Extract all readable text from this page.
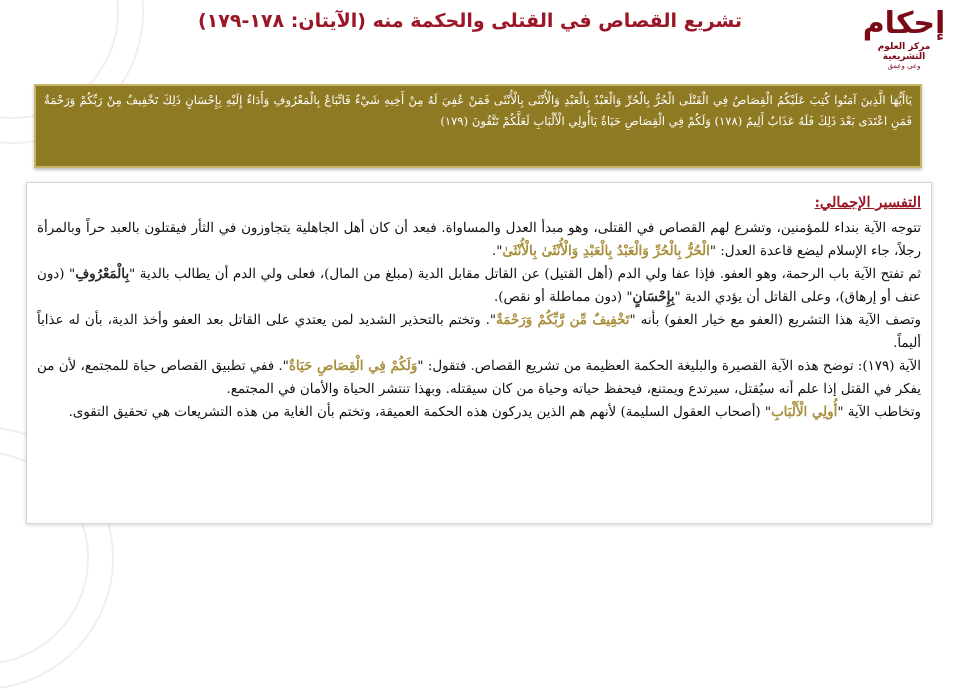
إحكام
مركز العلوم التشريعية
وعي وعمق
تشريع القصاص في القتلى والحكمة منه (الآيتان: ١٧٨-١٧٩)
يَاأَيُّهَا الَّذِينَ آمَنُوا كُتِبَ عَلَيْكُمُ الْقِصَاصُ فِي الْقَتْلَى الْحُرُّ بِالْحُرِّ وَالْعَبْدُ بِالْعَبْدِ وَالْأُنْثَى بِالْأُنْثَى فَمَنْ عُفِيَ لَهُ مِنْ أَخِيهِ شَيْءٌ فَاتِّبَاعٌ بِالْمَعْرُوفِ وَأَدَاءٌ إِلَيْهِ بِإِحْسَانٍ ذَلِكَ تَخْفِيفٌ مِنْ رَبِّكُمْ وَرَحْمَةٌ فَمَنِ اعْتَدَى بَعْدَ ذَلِكَ فَلَهُ عَذَابٌ أَلِيمٌ (١٧٨) وَلَكُمْ فِي الْقِصَاصِ حَيَاةٌ يَاأُولِي الْأَلْبَابِ لَعَلَّكُمْ تَتَّقُونَ (١٧٩)
التفسير الإجمالي:

تتوجه الآية بنداء للمؤمنين، وتشرع لهم القصاص في القتلى، وهو مبدأ العدل والمساواة. فبعد أن كان أهل الجاهلية يتجاوزون في الثأر فيقتلون بالعبد حراً وبالمرأة رجلاً، جاء الإسلام ليضع قاعدة العدل: "الْحُرُّ بِالْحُرِّ وَالْعَبْدُ بِالْعَبْدِ وَالْأُنْثَىٰ بِالْأُنْثَىٰ".

ثم تفتح الآية باب الرحمة، وهو العفو. فإذا عفا ولي الدم (أهل القتيل) عن القاتل مقابل الدية (مبلغ من المال)، فعلى ولي الدم أن يطالب بالدية "بِالْمَعْرُوفِ" (دون عنف أو إرهاق)، وعلى القاتل أن يؤدي الدية "بِإِحْسَانٍ" (دون مماطلة أو نقص).

وتصف الآية هذا التشريع (العفو مع خيار العفو) بأنه "تَخْفِيفٌ مِّن رَّبِّكُمْ وَرَحْمَةٌ". وتختم بالتحذير الشديد لمن يعتدي على القاتل بعد العفو وأخذ الدية، بأن له عذاباً أليماً.

الآية (١٧٩): توضح هذه الآية القصيرة والبليغة الحكمة العظيمة من تشريع القصاص. فتقول: "وَلَكُمْ فِي الْقِصَاصِ حَيَاةٌ". ففي تطبيق القصاص حياة للمجتمع، لأن من يفكر في القتل إذا علم أنه سيُقتل، سيرتدع ويمتنع، فيحفظ حياته وحياة من كان سيقتله. وبهذا تنتشر الحياة والأمان في المجتمع.

وتخاطب الآية "أُولِي الْأَلْبَابِ" (أصحاب العقول السليمة) لأنهم هم الذين يدركون هذه الحكمة العميقة، وتختم بأن الغاية من هذه التشريعات هي تحقيق التقوى.
